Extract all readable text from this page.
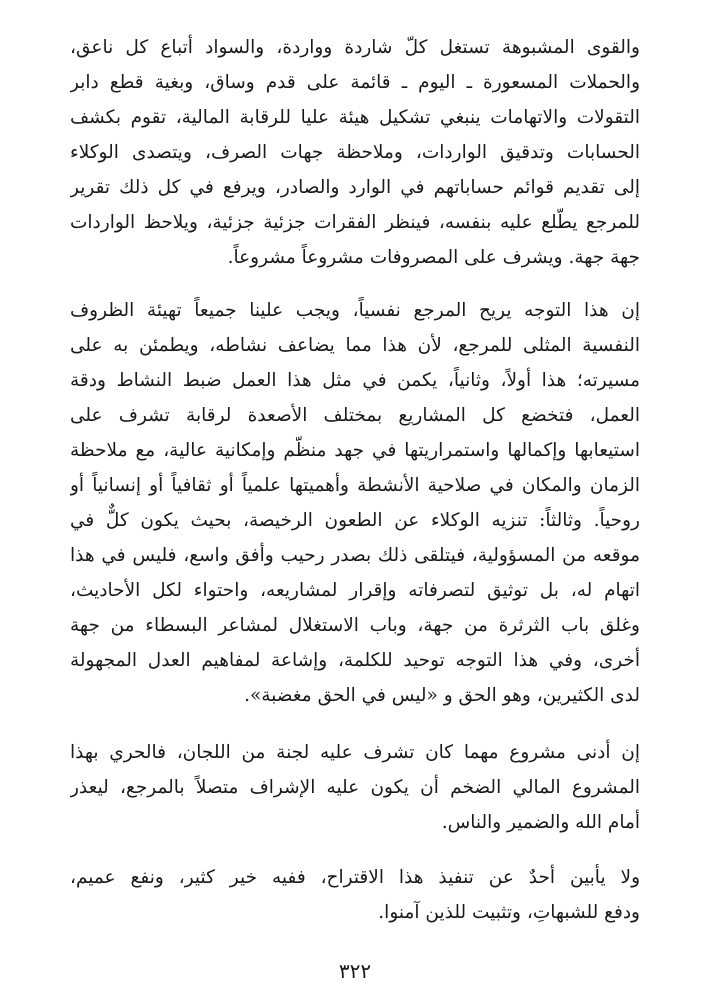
والقوى المشبوهة تستغل كلّ شاردة وواردة، والسواد أتباع كل ناعق،
والحملات المسعورة ـ اليوم ـ قائمة على قدم وساق، وبغية قطع دابر
التقولات والاتهامات ينبغي تشكيل هيئة عليا للرقابة المالية، تقوم بكشف
الحسابات وتدقيق الواردات، وملاحظة جهات الصرف، ويتصدى الوكلاء
إلى تقديم قوائم حساباتهم في الوارد والصادر، ويرفع في كل ذلك تقرير
للمرجع يطّلع عليه بنفسه، فينظر الفقرات جزئية جزئية، ويلاحظ الواردات
جهة جهة. ويشرف على المصروفات مشروعاً مشروعاً.
إن هذا التوجه يريح المرجع نفسياً، ويجب علينا جميعاً تهيئة الظروف
النفسية المثلى للمرجع، لأن هذا مما يضاعف نشاطه، ويطمئن به على
مسيرته؛ هذا أولاً، وثانياً، يكمن في مثل هذا العمل ضبط النشاط ودقة
العمل، فتخضع كل المشاريع بمختلف الأصعدة لرقابة تشرف على
استيعابها وإكمالها واستمراريتها في جهد منظّم وإمكانية عالية، مع ملاحظة
الزمان والمكان في صلاحية الأنشطة وأهميتها علمياً أو ثقافياً أو إنسانياً أو
روحياً. وثالثاً: تنزيه الوكلاء عن الطعون الرخيصة، بحيث يكون كلٌّ في
موقعه من المسؤولية، فيتلقى ذلك بصدر رحيب وأفق واسع، فليس في هذا
اتهام له، بل توثيق لتصرفاته وإقرار لمشاريعه، واحتواء لكل الأحاديث،
وغلق باب الثرثرة من جهة، وباب الاستغلال لمشاعر البسطاء من جهة
أخرى، وفي هذا التوجه توحيد للكلمة، وإشاعة لمفاهيم العدل المجهولة
لدى الكثيرين، وهو الحق و «ليس في الحق مغضبة».
إن أدنى مشروع مهما كان تشرف عليه لجنة من اللجان، فالحري بهذا
المشروع المالي الضخم أن يكون عليه الإشراف متصلاً بالمرجع، ليعذر
أمام الله والضمير والناس.
ولا يأبين أحدٌ عن تنفيذ هذا الاقتراح، ففيه خير كثير، ونفع عميم،
ودفع للشبهاتِ، وتثبيت للذين آمنوا.
٣٢٢
